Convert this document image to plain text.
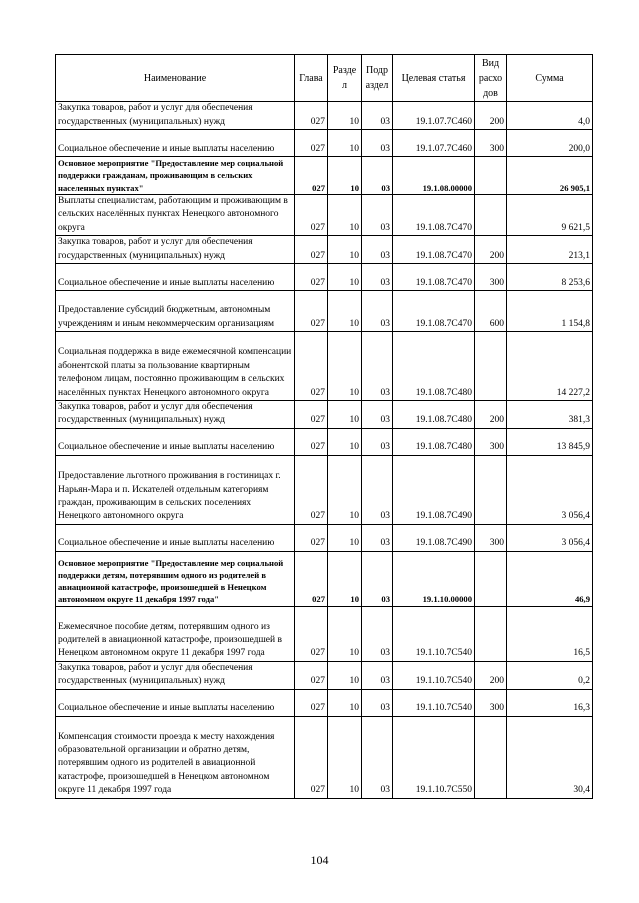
Наименование	Глава	Разде л	Подр аздел	Целевая статья	Вид расхо дов	Сумма
Закупка товаров, работ и услуг для обеспечения государственных (муниципальных) нужд	027	10	03	19.1.07.7С460	200	4,0
Социальное обеспечение и иные выплаты населению	027	10	03	19.1.07.7С460	300	200,0
Основное мероприятие "Предоставление мер социальной поддержки гражданам, проживающим в сельских населенных пунктах"	027	10	03	19.1.08.00000		26 905,1
Выплаты специалистам, работающим и проживающим в сельских населённых пунктах Ненецкого автономного округа	027	10	03	19.1.08.7С470		9 621,5
Закупка товаров, работ и услуг для обеспечения государственных (муниципальных) нужд	027	10	03	19.1.08.7С470	200	213,1
Социальное обеспечение и иные выплаты населению	027	10	03	19.1.08.7С470	300	8 253,6
Предоставление субсидий бюджетным, автономным учреждениям и иным некоммерческим организациям	027	10	03	19.1.08.7С470	600	1 154,8
Социальная поддержка в виде ежемесячной компенсации абонентской платы за пользование квартирным телефоном лицам, постоянно проживающим в сельских населённых пунктах Ненецкого автономного округа	027	10	03	19.1.08.7С480		14 227,2
Закупка товаров, работ и услуг для обеспечения государственных (муниципальных) нужд	027	10	03	19.1.08.7С480	200	381,3
Социальное обеспечение и иные выплаты населению	027	10	03	19.1.08.7С480	300	13 845,9
Предоставление льготного проживания в гостиницах г. Нарьян-Мара и п. Искателей отдельным категориям граждан, проживающим в сельских поселениях Ненецкого автономного округа	027	10	03	19.1.08.7С490		3 056,4
Социальное обеспечение и иные выплаты населению	027	10	03	19.1.08.7С490	300	3 056,4
Основное мероприятие "Предоставление мер социальной поддержки детям, потерявшим одного из родителей в авиационной катастрофе, произошедшей в Ненецком автономном округе 11 декабря 1997 года"	027	10	03	19.1.10.00000		46,9
Ежемесячное пособие детям, потерявшим одного из родителей в авиационной катастрофе, произошедшей в Ненецком автономном округе 11 декабря 1997 года	027	10	03	19.1.10.7С540		16,5
Закупка товаров, работ и услуг для обеспечения государственных (муниципальных) нужд	027	10	03	19.1.10.7С540	200	0,2
Социальное обеспечение и иные выплаты населению	027	10	03	19.1.10.7С540	300	16,3
Компенсация стоимости проезда к месту нахождения образовательной организации и обратно детям, потерявшим одного из родителей в авиационной катастрофе, произошедшей в Ненецком автономном округе 11 декабря 1997 года	027	10	03	19.1.10.7С550		30,4
104
